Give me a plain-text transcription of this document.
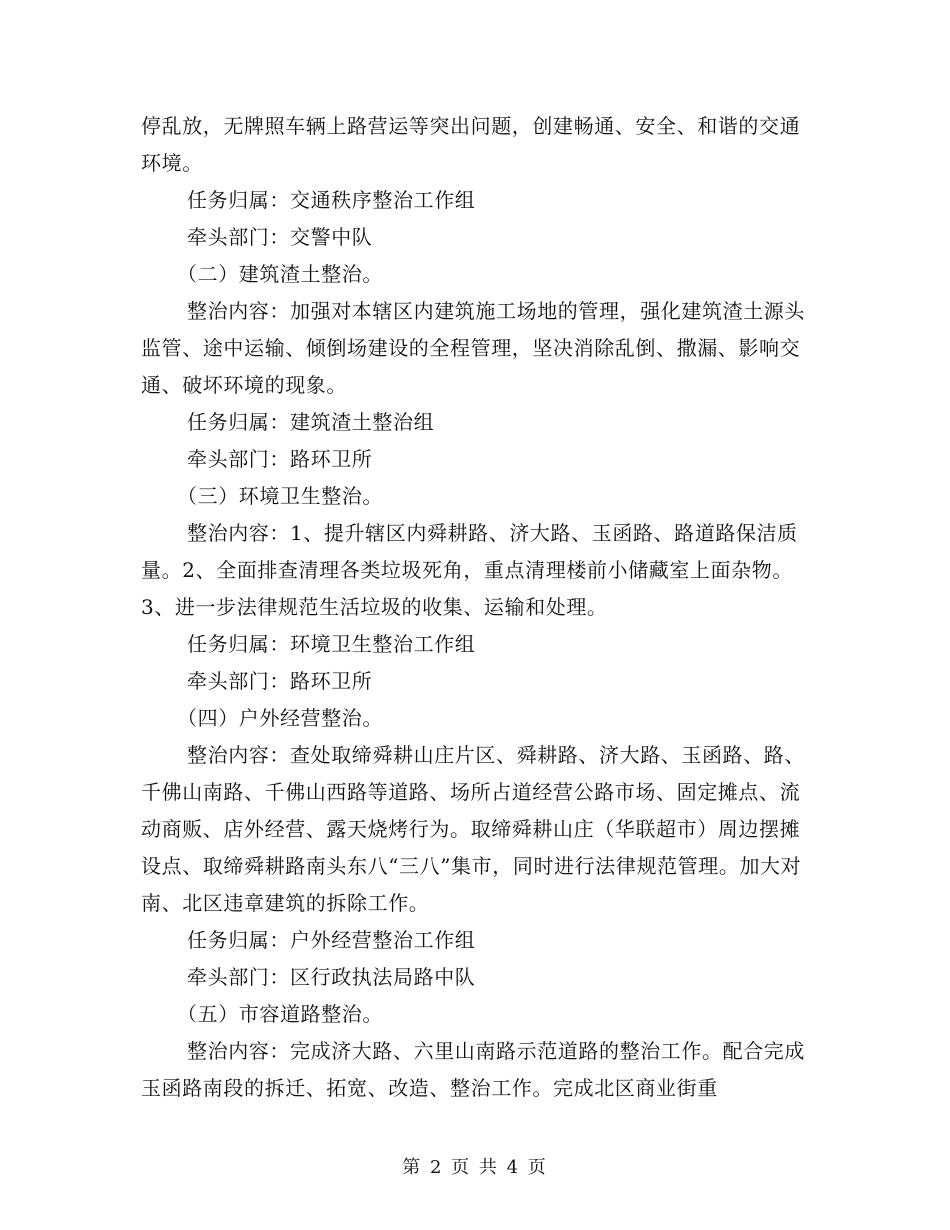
停乱放，无牌照车辆上路营运等突出问题，创建畅通、安全、和谐的交通环境。

任务归属：交通秩序整治工作组

牵头部门：交警中队

（二）建筑渣土整治。

整治内容：加强对本辖区内建筑施工场地的管理，强化建筑渣土源头监管、途中运输、倾倒场建设的全程管理，坚决消除乱倒、撒漏、影响交通、破坏环境的现象。

任务归属：建筑渣土整治组

牵头部门：路环卫所

（三）环境卫生整治。

整治内容：1、提升辖区内舜耕路、济大路、玉函路、路道路保洁质量。2、全面排查清理各类垃圾死角，重点清理楼前小储藏室上面杂物。3、进一步法律规范生活垃圾的收集、运输和处理。

任务归属：环境卫生整治工作组

牵头部门：路环卫所

（四）户外经营整治。

整治内容：查处取缔舜耕山庄片区、舜耕路、济大路、玉函路、路、千佛山南路、千佛山西路等道路、场所占道经营公路市场、固定摊点、流动商贩、店外经营、露天烧烤行为。取缔舜耕山庄（华联超市）周边摆摊设点、取缔舜耕路南头东八“三八”集市，同时进行法律规范管理。加大对南、北区违章建筑的拆除工作。

任务归属：户外经营整治工作组

牵头部门：区行政执法局路中队

（五）市容道路整治。

整治内容：完成济大路、六里山南路示范道路的整治工作。配合完成玉函路南段的拆迁、拓宽、改造、整治工作。完成北区商业街重

第 2 页 共 4 页
